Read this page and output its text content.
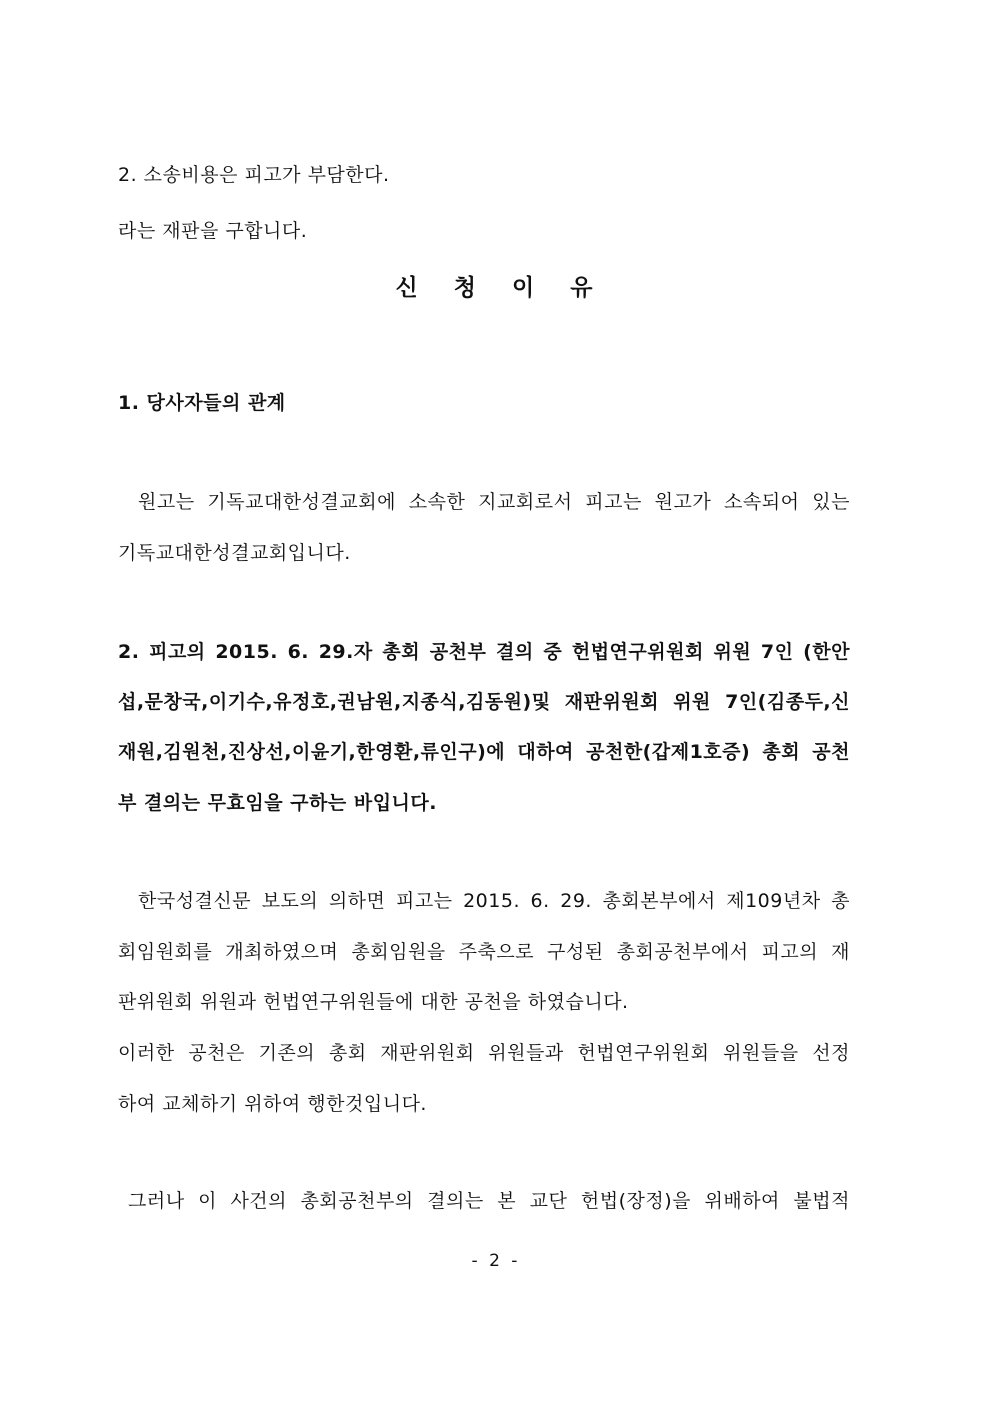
2. 소송비용은 피고가 부담한다.
라는 재판을 구합니다.
신 청 이 유
1. 당사자들의 관계
원고는 기독교대한성결교회에 소속한 지교회로서 피고는 원고가 소속되어 있는
기독교대한성결교회입니다.
2. 피고의 2015. 6. 29.자 총회 공천부 결의 중 헌법연구위원회 위원 7인 (한안
섭,문창국,이기수,유정호,권남원,지종식,김동원)및 재판위원회 위원 7인(김종두,신
재원,김원천,진상선,이윤기,한영환,류인구)에 대하여 공천한(갑제1호증) 총회 공천
부 결의는 무효임을 구하는 바입니다.
한국성결신문 보도의 의하면 피고는 2015. 6. 29. 총회본부에서 제109년차 총
회임원회를 개최하였으며 총회임원을 주축으로 구성된 총회공천부에서 피고의 재
판위원회 위원과 헌법연구위원들에 대한 공천을 하였습니다.
이러한 공천은 기존의 총회 재판위원회 위원들과 헌법연구위원회 위원들을 선정
하여 교체하기 위하여 행한것입니다.
그러나 이 사건의 총회공천부의 결의는 본 교단 헌법(장정)을 위배하여 불법적
- 2 -
